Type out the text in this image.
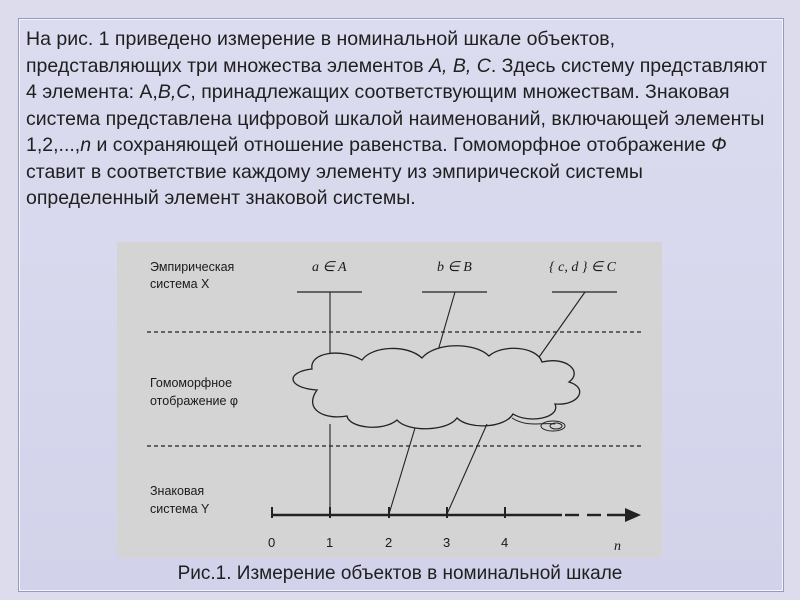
На рис. 1 приведено измерение в номинальной шкале объектов, представляющих три множества элементов A, B, C. Здесь систему представляют 4 элемента: А,B,C, принадлежащих соответствующим множествам. Знаковая система представлена цифровой шкалой наименований, включающей элементы 1,2,...,n и сохраняющей отношение равенства. Гомоморфное отображение Ф ставит в соответствие каждому элементу из эмпирической системы определенный элемент знаковой системы.

Эмпирическая
система X
Гомоморфное
отображение φ
Знаковая
система Y
a ∈ A	b ∈ B	{ c, d } ∈ C
0	1	2	3	4	n
Рис.1. Измерение объектов в номинальной шкале
